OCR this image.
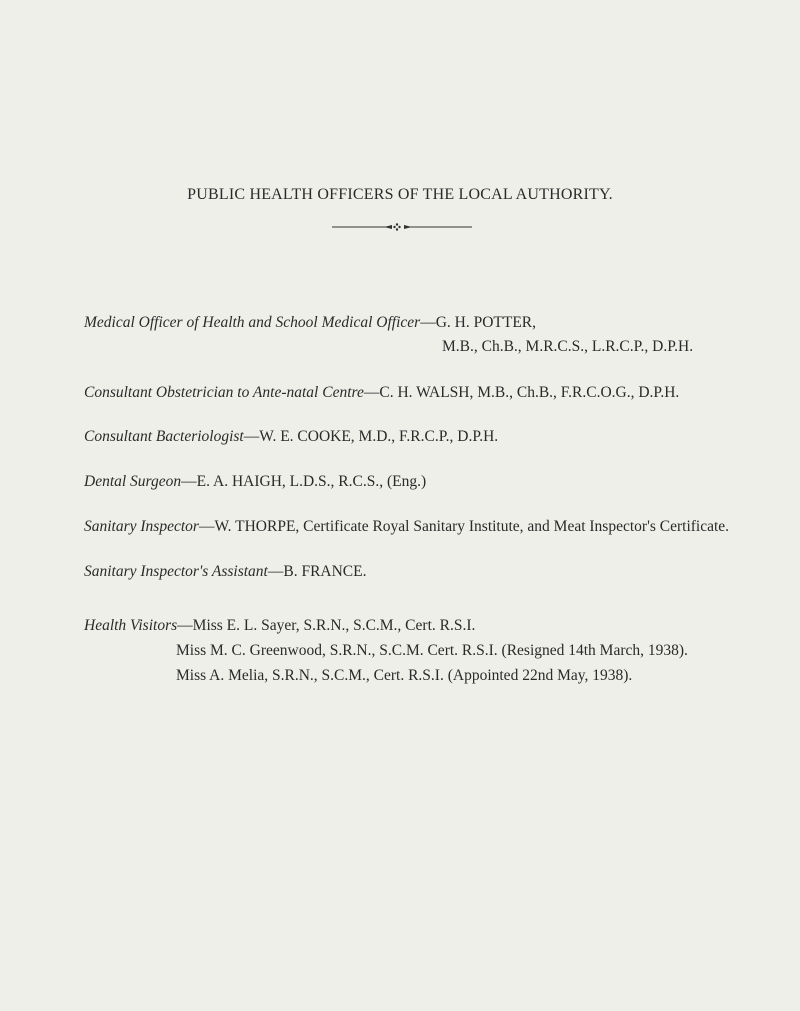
PUBLIC HEALTH OFFICERS OF THE LOCAL AUTHORITY.
Medical Officer of Health and School Medical Officer—G. H. POTTER,
M.B., Ch.B., M.R.C.S., L.R.C.P., D.P.H.
Consultant Obstetrician to Ante-natal Centre—C. H. WALSH, M.B., Ch.B., F.R.C.O.G., D.P.H.
Consultant Bacteriologist—W. E. COOKE, M.D., F.R.C.P., D.P.H.
Dental Surgeon—E. A. HAIGH, L.D.S., R.C.S., (Eng.)
Sanitary Inspector—W. THORPE, Certificate Royal Sanitary Institute, and Meat Inspector's Certificate.
Sanitary Inspector's Assistant—B. FRANCE.
Health Visitors—Miss E. L. Sayer, S.R.N., S.C.M., Cert. R.S.I.
Miss M. C. Greenwood, S.R.N., S.C.M. Cert. R.S.I. (Resigned 14th March, 1938).
Miss A. Melia, S.R.N., S.C.M., Cert. R.S.I. (Appointed 22nd May, 1938).
